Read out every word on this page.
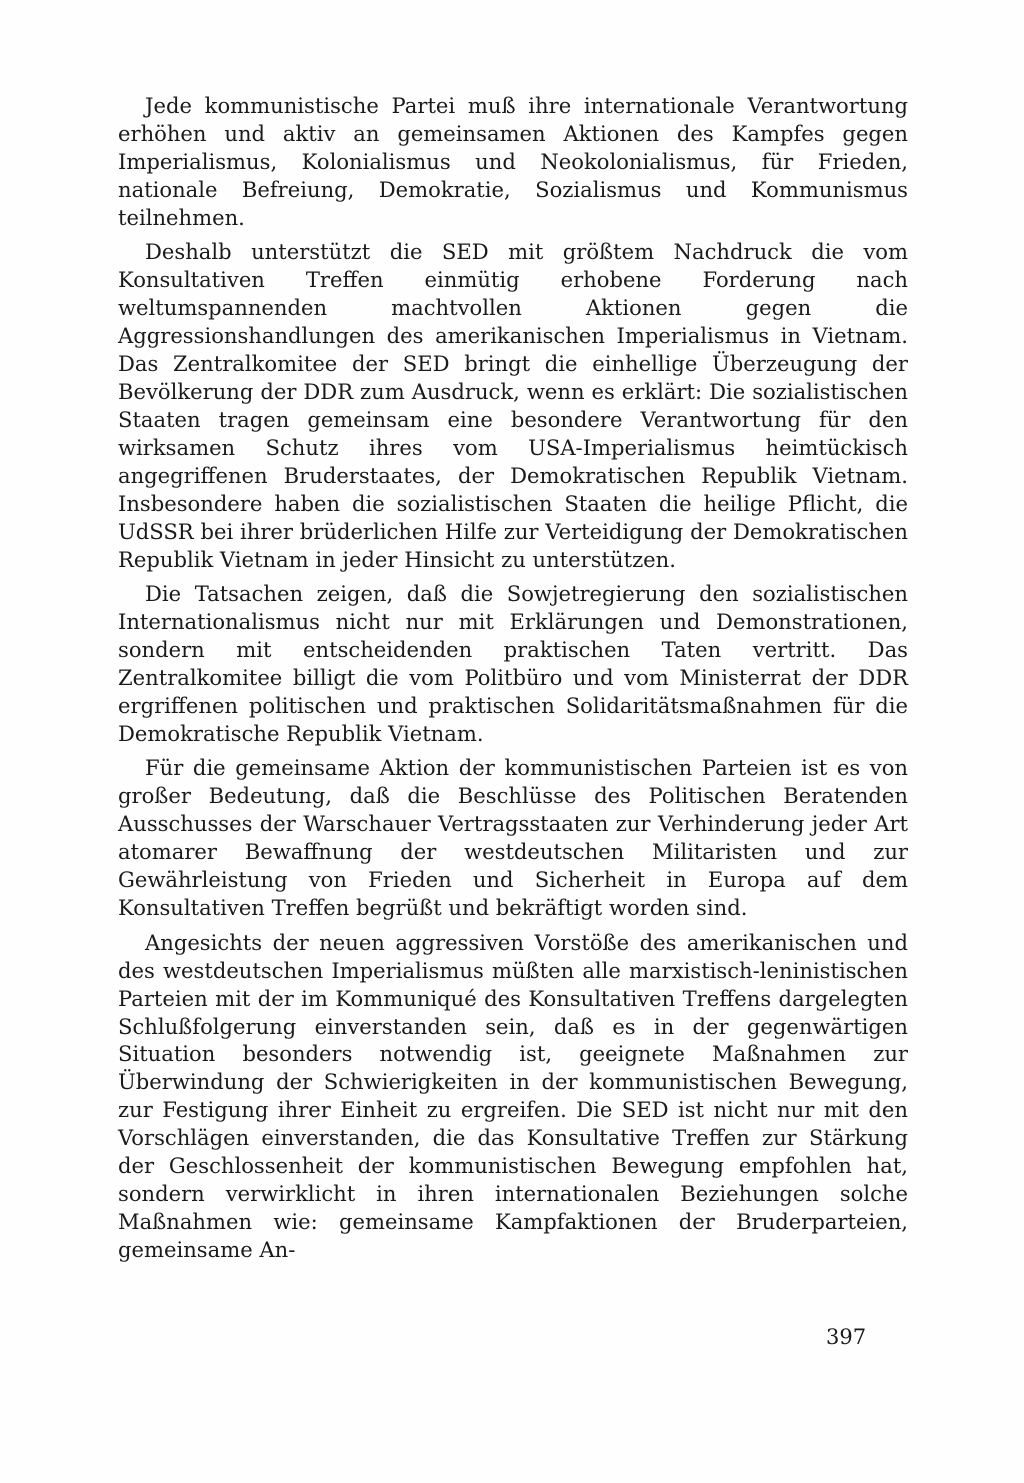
Jede kommunistische Partei muß ihre internationale Verantwortung erhöhen und aktiv an gemeinsamen Aktionen des Kampfes gegen Imperialismus, Kolonialismus und Neokolonialismus, für Frieden, nationale Befreiung, Demokratie, Sozialismus und Kommunismus teilnehmen.

Deshalb unterstützt die SED mit größtem Nachdruck die vom Konsultativen Treffen einmütig erhobene Forderung nach weltumspannenden machtvollen Aktionen gegen die Aggressionshandlungen des amerikanischen Imperialismus in Vietnam. Das Zentralkomitee der SED bringt die einhellige Überzeugung der Bevölkerung der DDR zum Ausdruck, wenn es erklärt: Die sozialistischen Staaten tragen gemeinsam eine besondere Verantwortung für den wirksamen Schutz ihres vom USA-Imperialismus heimtückisch angegriffenen Bruderstaates, der Demokratischen Republik Vietnam. Insbesondere haben die sozialistischen Staaten die heilige Pflicht, die UdSSR bei ihrer brüderlichen Hilfe zur Verteidigung der Demokratischen Republik Vietnam in jeder Hinsicht zu unterstützen.

Die Tatsachen zeigen, daß die Sowjetregierung den sozialistischen Internationalismus nicht nur mit Erklärungen und Demonstrationen, sondern mit entscheidenden praktischen Taten vertritt. Das Zentralkomitee billigt die vom Politbüro und vom Ministerrat der DDR ergriffenen politischen und praktischen Solidaritätsmaßnahmen für die Demokratische Republik Vietnam.

Für die gemeinsame Aktion der kommunistischen Parteien ist es von großer Bedeutung, daß die Beschlüsse des Politischen Beratenden Ausschusses der Warschauer Vertragsstaaten zur Verhinderung jeder Art atomarer Bewaffnung der westdeutschen Militaristen und zur Gewährleistung von Frieden und Sicherheit in Europa auf dem Konsultativen Treffen begrüßt und bekräftigt worden sind.

Angesichts der neuen aggressiven Vorstöße des amerikanischen und des westdeutschen Imperialismus müßten alle marxistisch-leninistischen Parteien mit der im Kommuniqué des Konsultativen Treffens dargelegten Schlußfolgerung einverstanden sein, daß es in der gegenwärtigen Situation besonders notwendig ist, geeignete Maßnahmen zur Überwindung der Schwierigkeiten in der kommunistischen Bewegung, zur Festigung ihrer Einheit zu ergreifen. Die SED ist nicht nur mit den Vorschlägen einverstanden, die das Konsultative Treffen zur Stärkung der Geschlossenheit der kommunistischen Bewegung empfohlen hat, sondern verwirklicht in ihren internationalen Beziehungen solche Maßnahmen wie: gemeinsame Kampfaktionen der Bruderparteien, gemeinsame An-

397
